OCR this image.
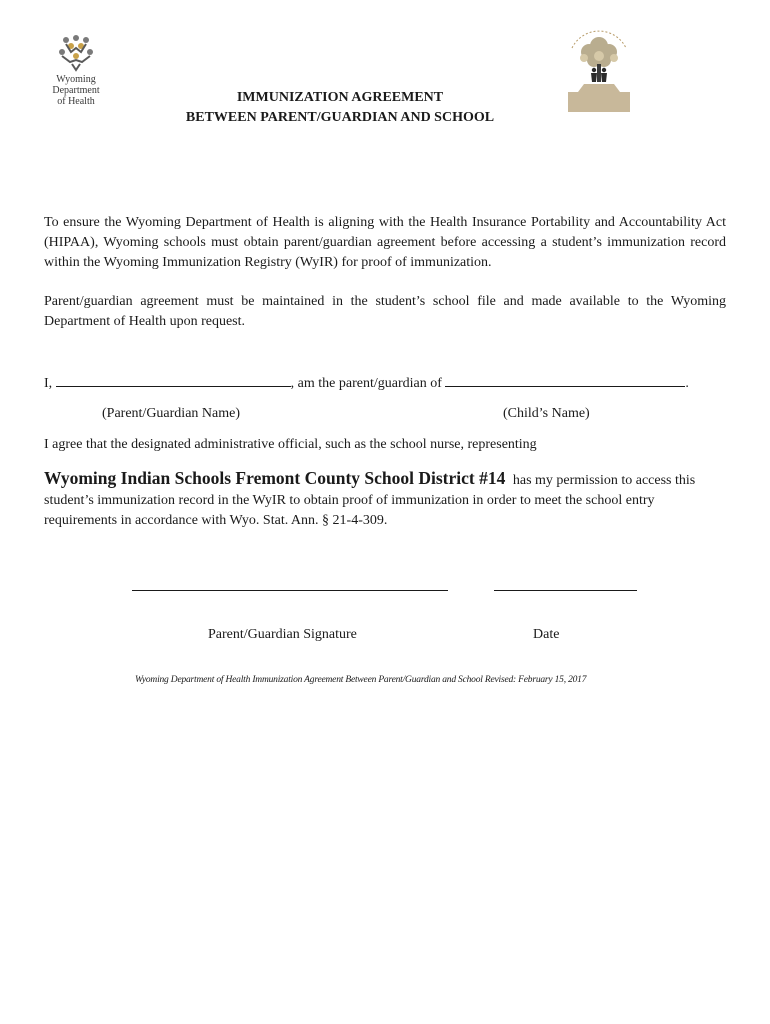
Wyoming
Department
of Health	IMMUNIZATION AGREEMENT
BETWEEN PARENT/GUARDIAN AND SCHOOL
To ensure the Wyoming Department of Health is aligning with the Health Insurance Portability and Accountability Act (HIPAA), Wyoming schools must obtain parent/guardian agreement before accessing a student’s immunization record within the Wyoming Immunization Registry (WyIR) for proof of immunization.
Parent/guardian agreement must be maintained in the student’s school file and made available to the Wyoming Department of Health upon request.
I,	, am the parent/guardian of	.
(Parent/Guardian Name)	(Child’s Name)
I agree that the designated administrative official, such as the school nurse, representing
Wyoming Indian Schools Fremont County School District #14 has my permission to access this
student’s immunization record in the WyIR to obtain proof of immunization in order to meet the school entry
requirements in accordance with Wyo. Stat. Ann. § 21-4-309.
Parent/Guardian Signature	Date
Wyoming Department of Health Immunization Agreement Between Parent/Guardian and School Revised: February 15, 2017
